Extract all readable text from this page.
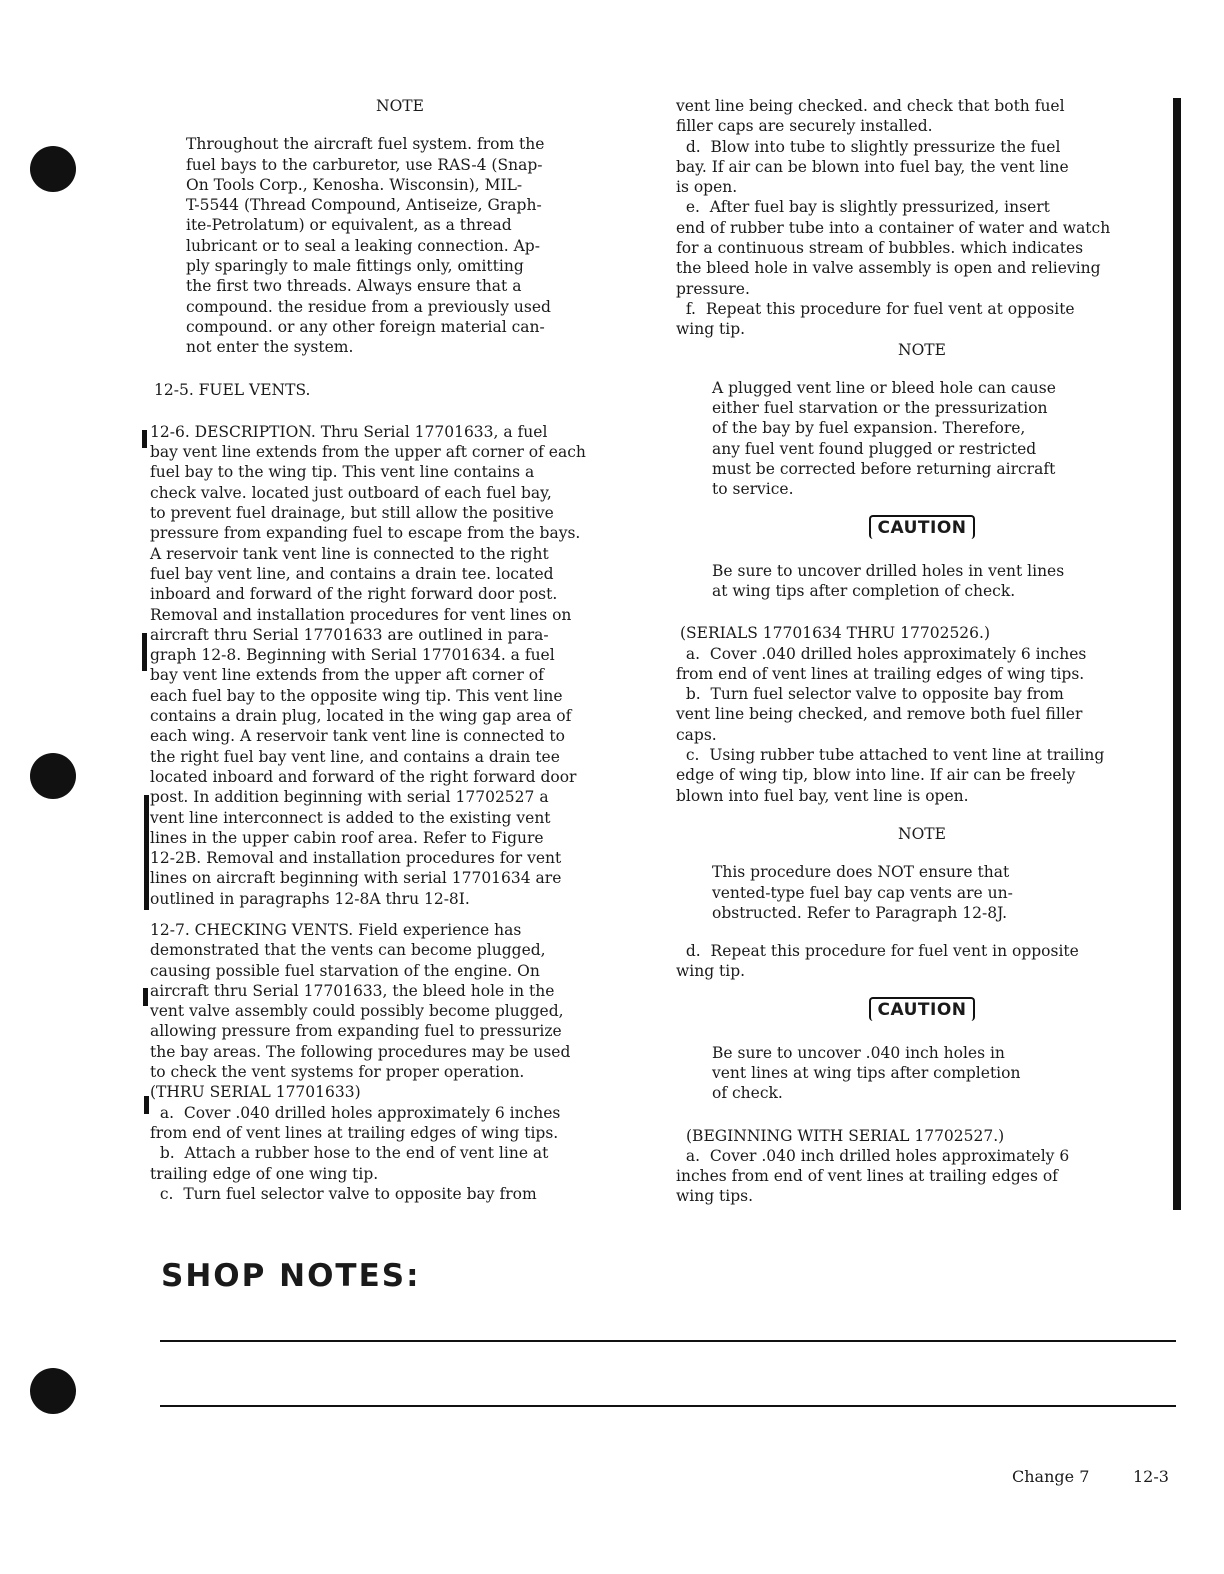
NOTE
Throughout the aircraft fuel system. from the
fuel bays to the carburetor, use RAS-4 (Snap-
On Tools Corp., Kenosha. Wisconsin), MIL-
T-5544 (Thread Compound, Antiseize, Graph-
ite-Petrolatum) or equivalent, as a thread
lubricant or to seal a leaking connection. Ap-
ply sparingly to male fittings only, omitting
the first two threads. Always ensure that a
compound. the residue from a previously used
compound. or any other foreign material can-
not enter the system.
12-5. FUEL VENTS.
12-6. DESCRIPTION. Thru Serial 17701633, a fuel
bay vent line extends from the upper aft corner of each
fuel bay to the wing tip. This vent line contains a
check valve. located just outboard of each fuel bay,
to prevent fuel drainage, but still allow the positive
pressure from expanding fuel to escape from the bays.
A reservoir tank vent line is connected to the right
fuel bay vent line, and contains a drain tee. located
inboard and forward of the right forward door post.
Removal and installation procedures for vent lines on
aircraft thru Serial 17701633 are outlined in para-
graph 12-8. Beginning with Serial 17701634. a fuel
bay vent line extends from the upper aft corner of
each fuel bay to the opposite wing tip. This vent line
contains a drain plug, located in the wing gap area of
each wing. A reservoir tank vent line is connected to
the right fuel bay vent line, and contains a drain tee
located inboard and forward of the right forward door
post. In addition beginning with serial 17702527 a
vent line interconnect is added to the existing vent
lines in the upper cabin roof area. Refer to Figure
12-2B. Removal and installation procedures for vent
lines on aircraft beginning with serial 17701634 are
outlined in paragraphs 12-8A thru 12-8I.
12-7. CHECKING VENTS. Field experience has
demonstrated that the vents can become plugged,
causing possible fuel starvation of the engine. On
aircraft thru Serial 17701633, the bleed hole in the
vent valve assembly could possibly become plugged,
allowing pressure from expanding fuel to pressurize
the bay areas. The following procedures may be used
to check the vent systems for proper operation.
(THRU SERIAL 17701633)
a.  Cover .040 drilled holes approximately 6 inches
from end of vent lines at trailing edges of wing tips.
b.  Attach a rubber hose to the end of vent line at
trailing edge of one wing tip.
c.  Turn fuel selector valve to opposite bay from
vent line being checked. and check that both fuel
filler caps are securely installed.
d.  Blow into tube to slightly pressurize the fuel
bay. If air can be blown into fuel bay, the vent line
is open.
e.  After fuel bay is slightly pressurized, insert
end of rubber tube into a container of water and watch
for a continuous stream of bubbles. which indicates
the bleed hole in valve assembly is open and relieving
pressure.
f.  Repeat this procedure for fuel vent at opposite
wing tip.
NOTE
A plugged vent line or bleed hole can cause
either fuel starvation or the pressurization
of the bay by fuel expansion. Therefore,
any fuel vent found plugged or restricted
must be corrected before returning aircraft
to service.
CAUTION
Be sure to uncover drilled holes in vent lines
at wing tips after completion of check.
(SERIALS 17701634 THRU 17702526.)
a.  Cover .040 drilled holes approximately 6 inches
from end of vent lines at trailing edges of wing tips.
b.  Turn fuel selector valve to opposite bay from
vent line being checked, and remove both fuel filler
caps.
c.  Using rubber tube attached to vent line at trailing
edge of wing tip, blow into line. If air can be freely
blown into fuel bay, vent line is open.
NOTE
This procedure does NOT ensure that
vented-type fuel bay cap vents are un-
obstructed. Refer to Paragraph 12-8J.
d.  Repeat this procedure for fuel vent in opposite
wing tip.
CAUTION
Be sure to uncover .040 inch holes in
vent lines at wing tips after completion
of check.
(BEGINNING WITH SERIAL 17702527.)
a.  Cover .040 inch drilled holes approximately 6
inches from end of vent lines at trailing edges of
wing tips.
SHOP NOTES:
Change 7	12-3
